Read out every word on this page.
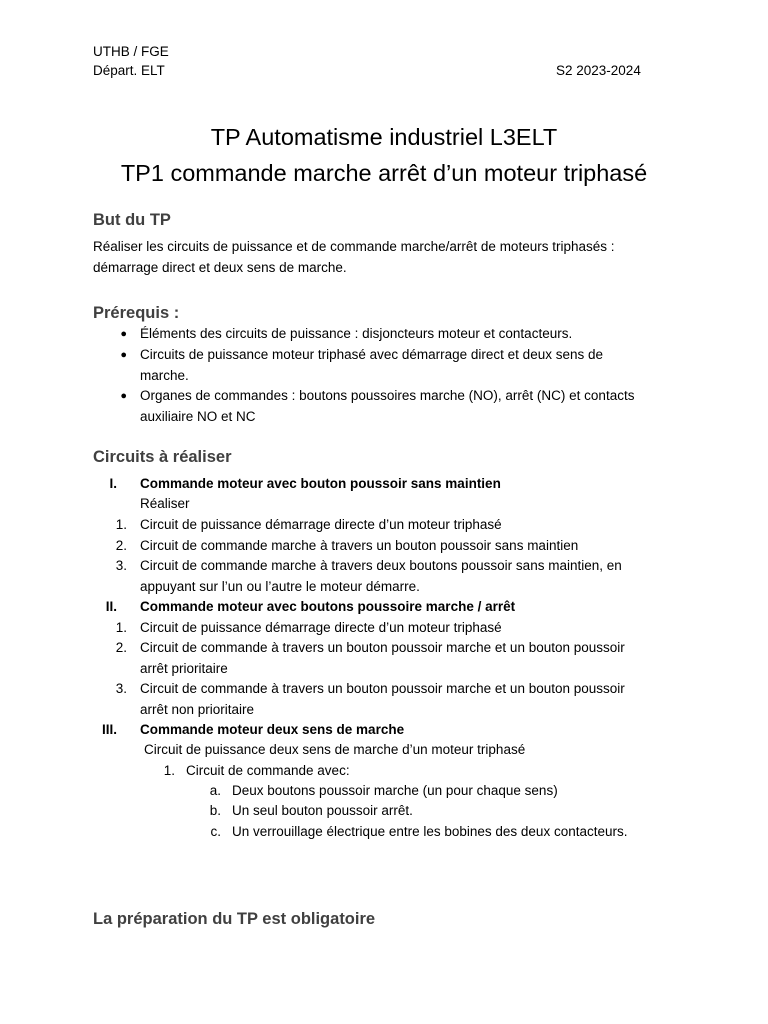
UTHB / FGE
Départ. ELT	S2 2023-2024
TP Automatisme industriel L3ELT
TP1 commande marche arrêt d’un moteur triphasé
But du TP
Réaliser les circuits de puissance et de commande marche/arrêt de moteurs triphasés :
démarrage direct et deux sens de marche.
Prérequis :
● Éléments des circuits de puissance : disjoncteurs moteur et contacteurs.
● Circuits de puissance moteur triphasé avec démarrage direct et deux sens de
marche.
● Organes de commandes : boutons poussoires marche (NO), arrêt (NC) et contacts
auxiliaire NO et NC
Circuits à réaliser
I. Commande moteur avec bouton poussoir sans maintien
Réaliser
1. Circuit de puissance démarrage directe d’un moteur triphasé
2. Circuit de commande marche à travers un bouton poussoir sans maintien
3. Circuit de commande marche à travers deux boutons poussoir sans maintien, en
appuyant sur l’un ou l’autre le moteur démarre.
II. Commande moteur avec boutons poussoire marche / arrêt
1. Circuit de puissance démarrage directe d’un moteur triphasé
2. Circuit de commande à travers un bouton poussoir marche et un bouton poussoir
arrêt prioritaire
3. Circuit de commande à travers un bouton poussoir marche et un bouton poussoir
arrêt non prioritaire
III. Commande moteur deux sens de marche
Circuit de puissance deux sens de marche d’un moteur triphasé
1. Circuit de commande avec:
a. Deux boutons poussoir marche (un pour chaque sens)
b. Un seul bouton poussoir arrêt.
c. Un verrouillage électrique entre les bobines des deux contacteurs.
La préparation du TP est obligatoire
